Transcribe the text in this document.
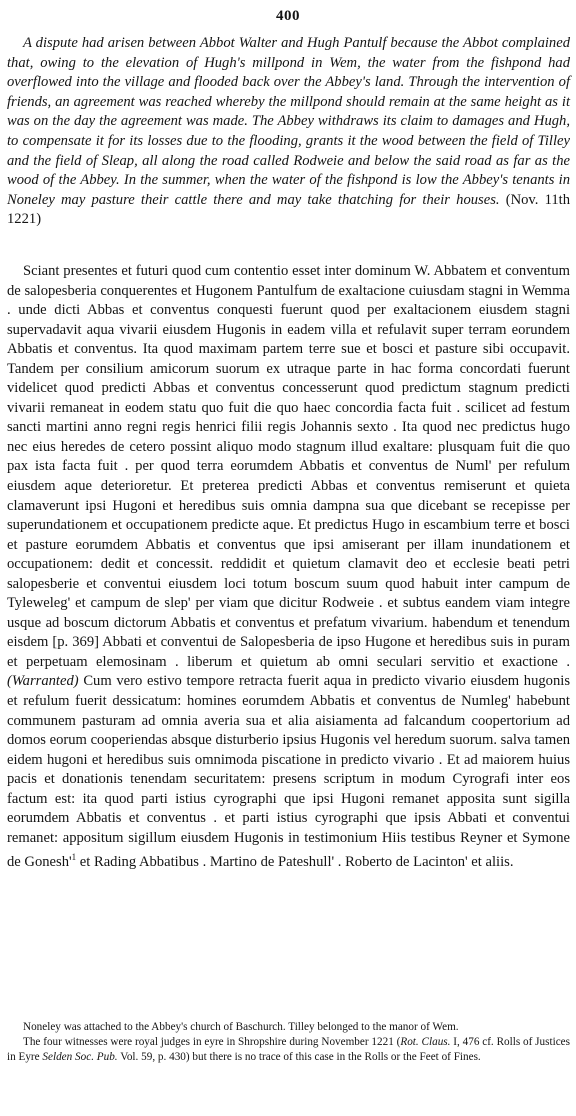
400

A dispute had arisen between Abbot Walter and Hugh Pantulf because the Abbot complained that, owing to the elevation of Hugh's millpond in Wem, the water from the fishpond had overflowed into the village and flooded back over the Abbey's land. Through the intervention of friends, an agreement was reached whereby the millpond should remain at the same height as it was on the day the agreement was made. The Abbey withdraws its claim to damages and Hugh, to compensate it for its losses due to the flooding, grants it the wood between the field of Tilley and the field of Sleap, all along the road called Rodweie and below the said road as far as the wood of the Abbey. In the summer, when the water of the fishpond is low the Abbey's tenants in Noneley may pasture their cattle there and may take thatching for their houses. (Nov. 11th 1221)

Sciant presentes et futuri quod cum contentio esset inter dominum W. Abbatem et conventum de salopesberia conquerentes et Hugonem Pantulfum de exaltacione cuiusdam stagni in Wemma . unde dicti Abbas et conventus conquesti fuerunt quod per exaltacionem eiusdem stagni supervadavit aqua vivarii eiusdem Hugonis in eadem villa et refulavit super terram eorundem Abbatis et conventus. Ita quod maximam partem terre sue et bosci et pasture sibi occupavit. Tandem per consilium amicorum suorum ex utraque parte in hac forma concordati fuerunt videlicet quod predicti Abbas et conventus concesserunt quod predictum stagnum predicti vivarii remaneat in eodem statu quo fuit die quo haec concordia facta fuit . scilicet ad festum sancti martini anno regni regis henrici filii regis Johannis sexto . Ita quod nec predictus hugo nec eius heredes de cetero possint aliquo modo stagnum illud exaltare: plusquam fuit die quo pax ista facta fuit . per quod terra eorumdem Abbatis et conventus de Numl' per refulum eiusdem aque deterioretur. Et preterea predicti Abbas et conventus remiserunt et quieta clamaverunt ipsi Hugoni et heredibus suis omnia dampna sua que dicebant se recepisse per superundationem et occupationem predicte aque. Et predictus Hugo in escambium terre et bosci et pasture eorumdem Abbatis et conventus que ipsi amiserant per illam inundationem et occupationem: dedit et concessit. reddidit et quietum clamavit deo et ecclesie beati petri salopesberie et conventui eiusdem loci totum boscum suum quod habuit inter campum de Tyleweleg' et campum de slep' per viam que dicitur Rodweie . et subtus eandem viam integre usque ad boscum dictorum Abbatis et conventus et prefatum vivarium. habendum et tenendum eisdem [p. 369] Abbati et conventui de Salopesberia de ipso Hugone et heredibus suis in puram et perpetuam elemosinam . liberum et quietum ab omni seculari servitio et exactione . (Warranted) Cum vero estivo tempore retracta fuerit aqua in predicto vivario eiusdem hugonis et refulum fuerit dessicatum: homines eorumdem Abbatis et conventus de Numleg' habebunt communem pasturam ad omnia averia sua et alia aisiamenta ad falcandum coopertorium ad domos eorum cooperiendas absque disturberio ipsius Hugonis vel heredum suorum. salva tamen eidem hugoni et heredibus suis omnimoda piscatione in predicto vivario . Et ad maiorem huius pacis et donationis tenendam securitatem: presens scriptum in modum Cyrografi inter eos factum est: ita quod parti istius cyrographi que ipsi Hugoni remanet apposita sunt sigilla eorumdem Abbatis et conventus . et parti istius cyrographi que ipsis Abbati et conventui remanet: appositum sigillum eiusdem Hugonis in testimonium Hiis testibus Reyner et Symone de $Gonesh'^1$ et Rading Abbatibus . Martino de Pateshull' . Roberto de Lacinton' et aliis.

Noneley was attached to the Abbey's church of Baschurch. Tilley belonged to the manor of Wem.

The four witnesses were royal judges in eyre in Shropshire during November 1221 (Rot. Claus. I, 476 cf. Rolls of Justices in Eyre Selden Soc. Pub. Vol. 59, p. 430) but there is no trace of this case in the Rolls or the Feet of Fines.
